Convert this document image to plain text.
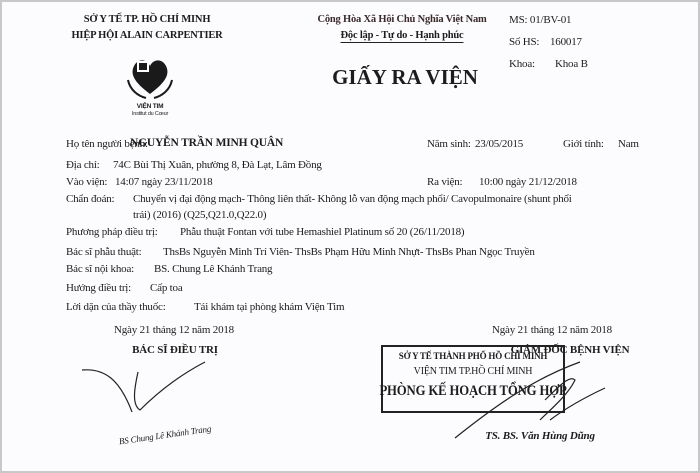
SỞ Y TẾ TP. HỒ CHÍ MINH
HIỆP HỘI ALAIN CARPENTIER
VIỆN TIM
Institut du Cœur
Cộng Hòa Xã Hội Chủ Nghĩa Việt Nam
Độc lập - Tự do - Hạnh phúc
GIẤY RA VIỆN
MS: 01/BV-01
Số HS: 160017
Khoa: Khoa B
Họ tên người bệnh:
NGUYỄN TRẦN MINH QUÂN	Năm sinh: 23/05/2015	Giới tính: Nam
Địa chỉ: 74C Bùi Thị Xuân, phường 8, Đà Lạt, Lâm Đồng
Vào viện: 14:07 ngày 23/11/2018	Ra viện: 10:00 ngày 21/12/2018
Chẩn đoán: Chuyển vị đại động mạch- Thông liên thất- Không lỗ van động mạch phổi/ Cavopulmonaire (shunt phổi
trái) (2016) (Q25,Q21.0,Q22.0)
Phương pháp điều trị: Phẫu thuật Fontan với tube Hemashiel Platinum số 20 (26/11/2018)
Bác sĩ phẫu thuật: ThsBs Nguyễn Minh Trí Viên- ThsBs Phạm Hữu Minh Nhựt- ThsBs Phan Ngọc Truyền
Bác sĩ nội khoa: BS. Chung Lê Khánh Trang
Hướng điều trị: Cấp toa
Lời dặn của thầy thuốc:	Tái khám tại phòng khám Viện Tim
Ngày 21 tháng 12 năm 2018
BÁC SĨ ĐIỀU TRỊ
BS Chung Lê Khánh Trang
Ngày 21 tháng 12 năm 2018
GIÁM ĐỐC BỆNH VIỆN
SỞ Y TẾ THÀNH PHỐ HỒ CHÍ MINH
VIỆN TIM TP.HỒ CHÍ MINH
PHÒNG KẾ HOẠCH TỔNG HỢP
TS. BS. Văn Hùng Dũng
